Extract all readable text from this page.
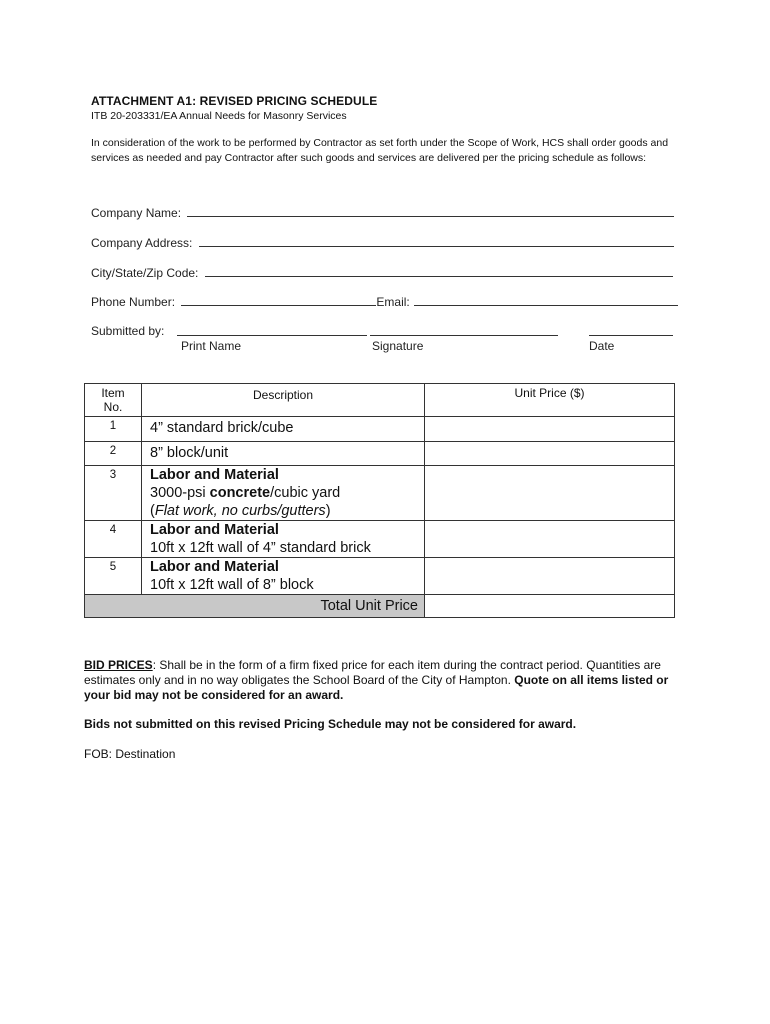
ATTACHMENT A1: REVISED PRICING SCHEDULE
ITB 20-203331/EA Annual Needs for Masonry Services
In consideration of the work to be performed by Contractor as set forth under the Scope of Work, HCS shall order goods and services as needed and pay Contractor after such goods and services are delivered per the pricing schedule as follows:
Company Name:
Company Address:
City/State/Zip Code:
Phone Number:	Email:
Submitted by:
Print Name	Signature	Date
Item
No.	Description	Unit Price ($)
1	4” standard brick/cube	
2	8” block/unit	
3	Labor and Material
3000-psi concrete/cubic yard
(Flat work, no curbs/gutters)	

4	Labor and Material
10ft x 12ft wall of 4” standard brick	

5	Labor and Material
10ft x 12ft wall of 8” block	

Total Unit Price		
BID PRICES: Shall be in the form of a firm fixed price for each item during the contract period. Quantities are estimates only and in no way obligates the School Board of the City of Hampton. Quote on all items listed or your bid may not be considered for an award.
Bids not submitted on this revised Pricing Schedule may not be considered for award.
FOB: Destination
